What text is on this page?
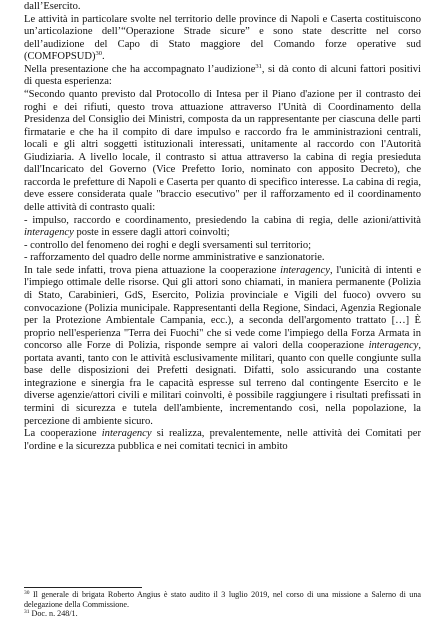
dall’Esercito.

Le attività in particolare svolte nel territorio delle province di Napoli e Caserta costituiscono un’articolazione dell’“Operazione Strade sicure” e sono state descritte nel corso dell’audizione del Capo di Stato maggiore del Comando forze operative sud (COMFOPSUD)$^{30}$.

Nella presentazione che ha accompagnato l’audizione$^{31}$, si dà conto di alcuni fattori positivi di questa esperienza:

“Secondo quanto previsto dal Protocollo di Intesa per il Piano d'azione per il contrasto dei roghi e dei rifiuti, questo trova attuazione attraverso l'Unità di Coordinamento della Presidenza del Consiglio dei Ministri, composta da un rappresentante per ciascuna delle parti firmatarie e che ha il compito di dare impulso e raccordo fra le amministrazioni centrali, locali e gli altri soggetti istituzionali interessati, unitamente al raccordo con l'Autorità Giudiziaria. A livello locale, il contrasto si attua attraverso la cabina di regia presieduta dall'Incaricato del Governo (Vice Prefetto Iorio, nominato con apposito Decreto), che raccorda le prefetture di Napoli e Caserta per quanto di specifico interesse. La cabina di regia, deve essere considerata quale "braccio esecutivo" per il rafforzamento ed il coordinamento delle attività di contrasto quali:

- impulso, raccordo e coordinamento, presiedendo la cabina di regia, delle azioni/attività interagency poste in essere dagli attori coinvolti;

- controllo del fenomeno dei roghi e degli sversamenti sul territorio;

- rafforzamento del quadro delle norme amministrative e sanzionatorie.

In tale sede infatti, trova piena attuazione la cooperazione interagency, l'unicità di intenti e l'impiego ottimale delle risorse. Qui gli attori sono chiamati, in maniera permanente (Polizia di Stato, Carabinieri, GdS, Esercito, Polizia provinciale e Vigili del fuoco) ovvero su convocazione (Polizia municipale. Rappresentanti della Regione, Sindaci, Agenzia Regionale per la Protezione Ambientale Campania, ecc.), a seconda dell'argomento trattato […] È proprio nell'esperienza "Terra dei Fuochi" che si vede come l'impiego della Forza Armata in concorso alle Forze di Polizia, risponde sempre ai valori della cooperazione interagency, portata avanti, tanto con le attività esclusivamente militari, quanto con quelle congiunte sulla base delle disposizioni dei Prefetti designati. Difatti, solo assicurando una costante integrazione e sinergia fra le capacità espresse sul terreno dal contingente Esercito e le diverse agenzie/attori civili e militari coinvolti, è possibile raggiungere i risultati prefissati in termini di sicurezza e tutela dell'ambiente, incrementando così, nella popolazione, la percezione di ambiente sicuro.

La cooperazione interagency si realizza, prevalentemente, nelle attività dei Comitati per l'ordine e la sicurezza pubblica e nei comitati tecnici in ambito

$^{30}$ Il generale di brigata Roberto Angius è stato audito il 3 luglio 2019, nel corso di una missione a Salerno di una delegazione della Commissione.

$^{31}$ Doc. n. 248/1.
